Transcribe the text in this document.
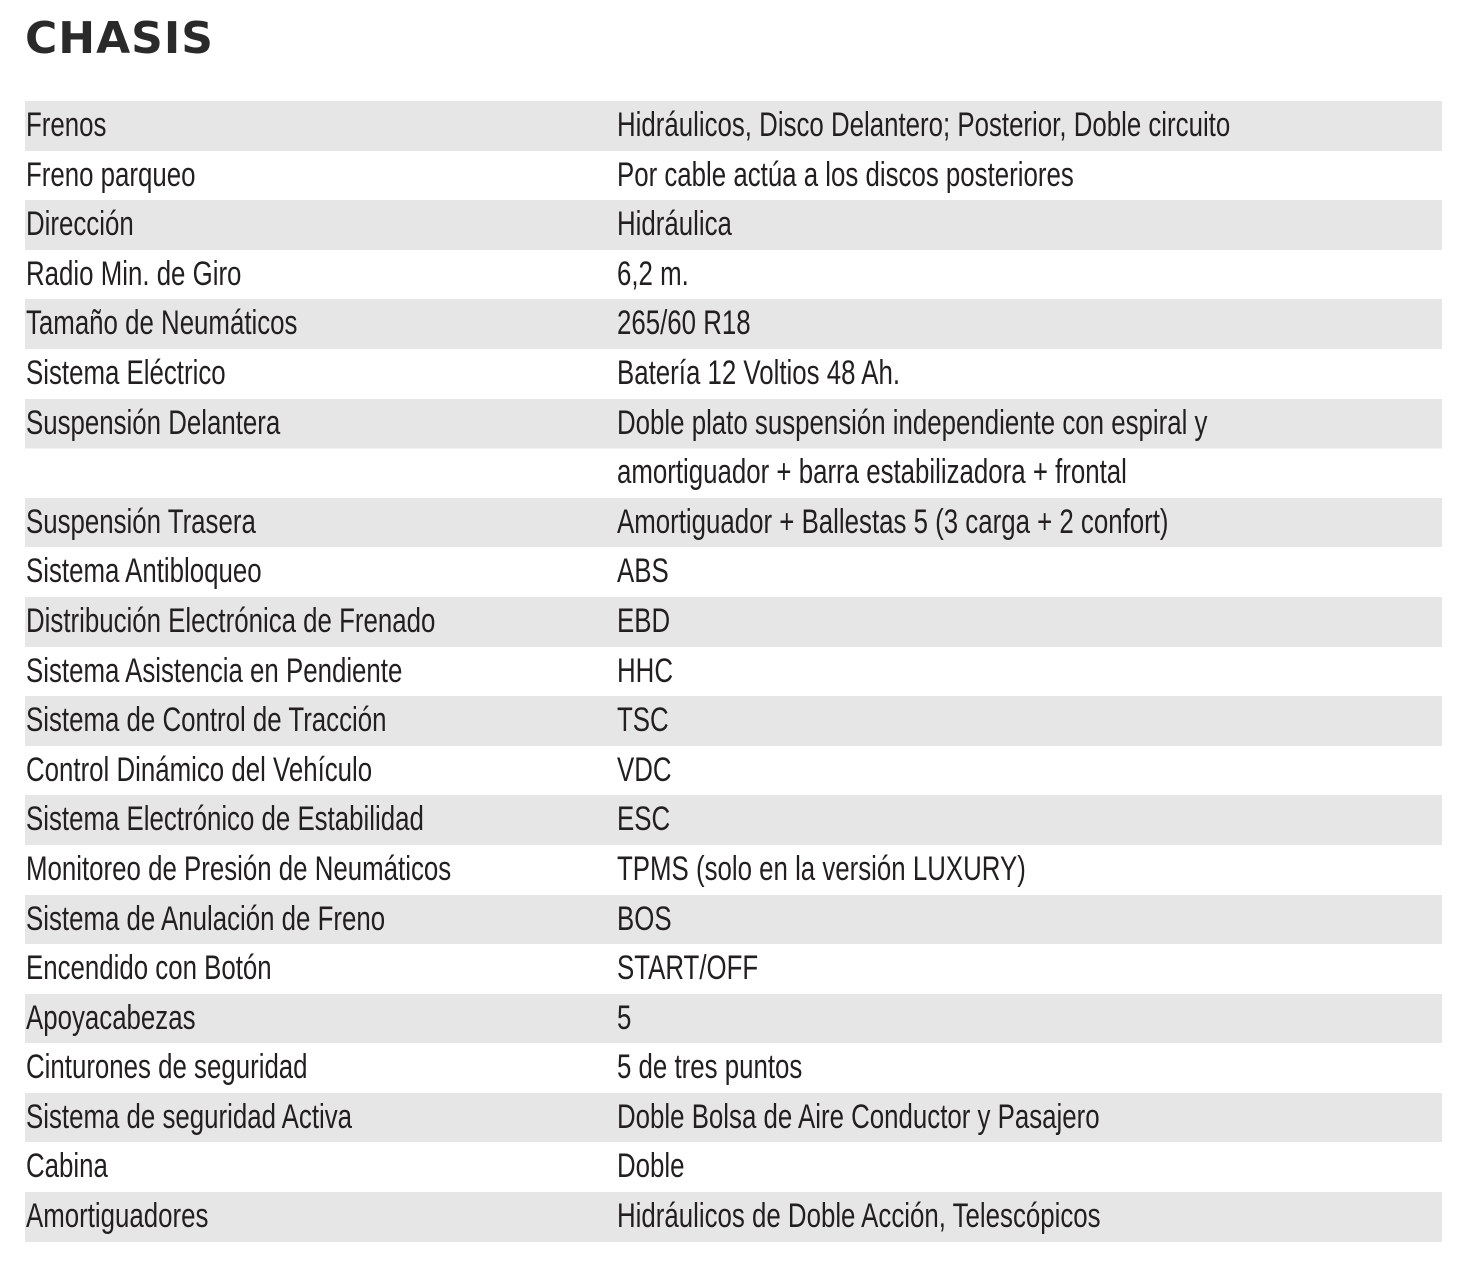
CHASIS
Frenos	Hidráulicos, Disco Delantero; Posterior, Doble circuito
Freno parqueo	Por cable actúa a los discos posteriores
Dirección	Hidráulica
Radio Min. de Giro	6,2 m.
Tamaño de Neumáticos	265/60 R18
Sistema Eléctrico	Batería 12 Voltios 48 Ah.
Suspensión Delantera	Doble plato suspensión independiente con espiral y
amortiguador + barra estabilizadora + frontal
Suspensión Trasera	Amortiguador + Ballestas 5 (3 carga + 2 confort)
Sistema Antibloqueo	ABS
Distribución Electrónica de Frenado	EBD
Sistema Asistencia en Pendiente	HHC
Sistema de Control de Tracción	TSC
Control Dinámico del Vehículo	VDC
Sistema Electrónico de Estabilidad	ESC
Monitoreo de Presión de Neumáticos	TPMS (solo en la versión LUXURY)
Sistema de Anulación de Freno	BOS
Encendido con Botón	START/OFF
Apoyacabezas	5
Cinturones de seguridad	5 de tres puntos
Sistema de seguridad Activa	Doble Bolsa de Aire Conductor y Pasajero
Cabina	Doble
Amortiguadores	Hidráulicos de Doble Acción, Telescópicos
